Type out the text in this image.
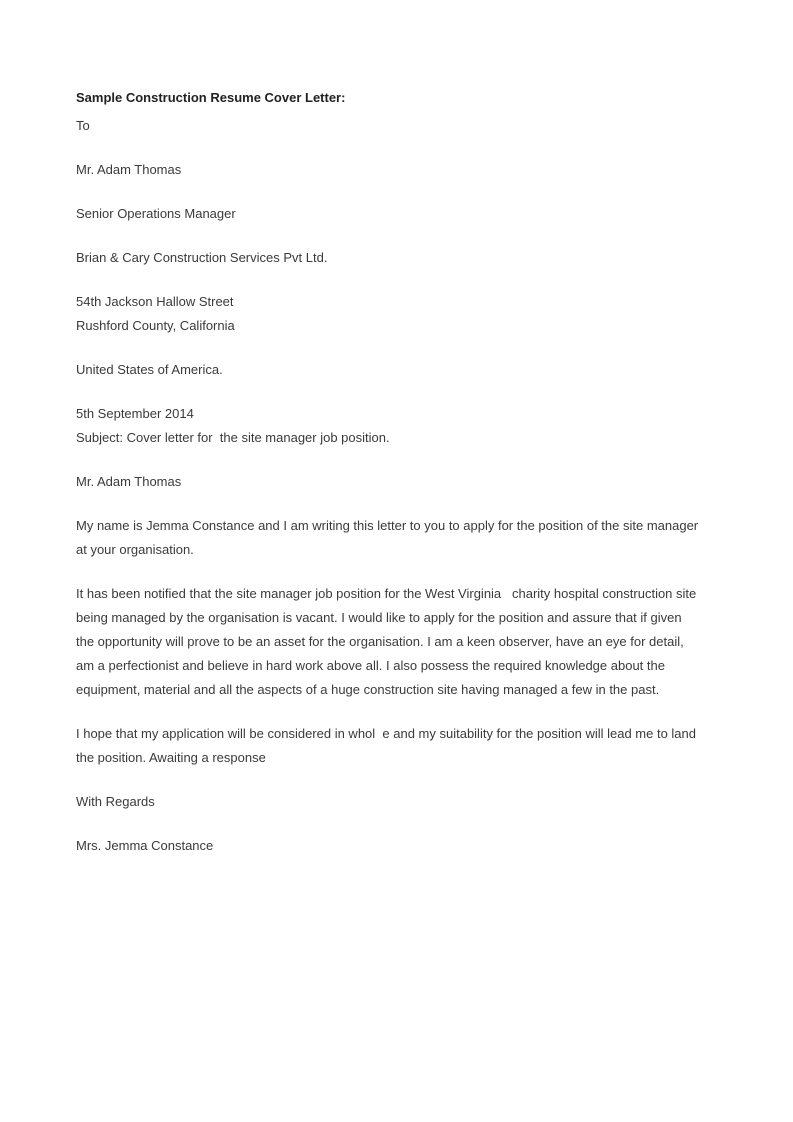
Sample Construction Resume Cover Letter:
To
Mr. Adam Thomas
Senior Operations Manager
Brian & Cary Construction Services Pvt Ltd.
54th Jackson Hallow Street
Rushford County, California
United States of America.
5th September 2014
Subject: Cover letter for  the site manager job position.
Mr. Adam Thomas
My name is Jemma Constance and I am writing this letter to you to apply for the position of the site manager
at your organisation.
It has been notified that the site manager job position for the West Virginia   charity hospital construction site
being managed by the organisation is vacant. I would like to apply for the position and assure that if given
the opportunity will prove to be an asset for the organisation. I am a keen observer, have an eye for detail,
am a perfectionist and believe in hard work above all. I also possess the required knowledge about the
equipment, material and all the aspects of a huge construction site having managed a few in the past.
I hope that my application will be considered in whol  e and my suitability for the position will lead me to land
the position. Awaiting a response
With Regards
Mrs. Jemma Constance
